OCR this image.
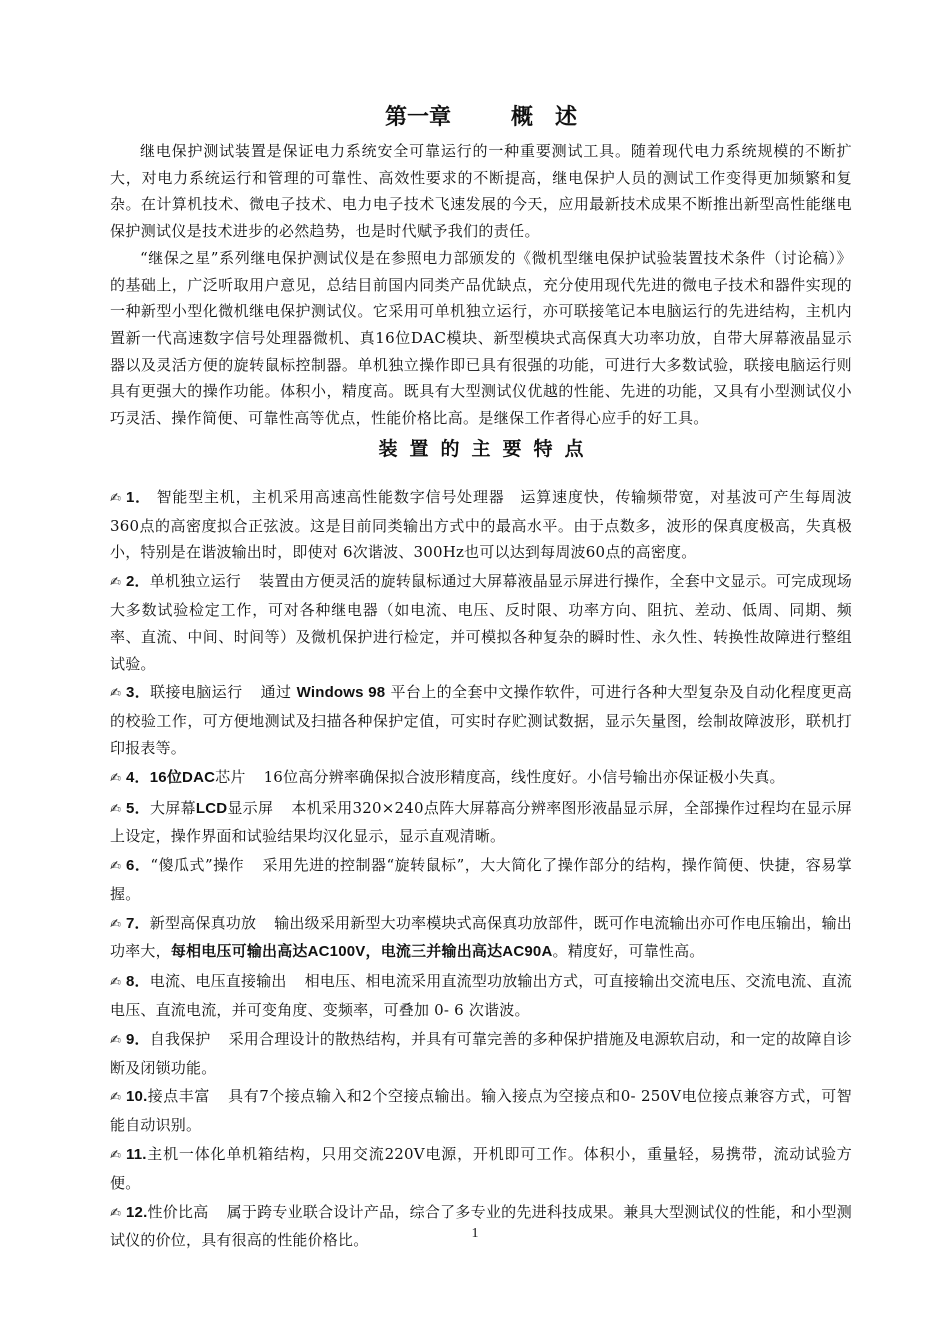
第一章	概 述

继电保护测试装置是保证电力系统安全可靠运行的一种重要测试工具。随着现代电力系统规模的不断扩大，对电力系统运行和管理的可靠性、高效性要求的不断提高，继电保护人员的测试工作变得更加频繁和复杂。在计算机技术、微电子技术、电力电子技术飞速发展的今天，应用最新技术成果不断推出新型高性能继电保护测试仪是技术进步的必然趋势，也是时代赋予我们的责任。

“继保之星”系列继电保护测试仪是在参照电力部颁发的《微机型继电保护试验装置技术条件（讨论稿）》的基础上，广泛听取用户意见，总结目前国内同类产品优缺点，充分使用现代先进的微电子技术和器件实现的一种新型小型化微机继电保护测试仪。它采用可单机独立运行，亦可联接笔记本电脑运行的先进结构，主机内置新一代高速数字信号处理器微机、真16位DAC模块、新型模块式高保真大功率功放，自带大屏幕液晶显示器以及灵活方便的旋转鼠标控制器。单机独立操作即已具有很强的功能，可进行大多数试验，联接电脑运行则具有更强大的操作功能。体积小，精度高。既具有大型测试仪优越的性能、先进的功能，又具有小型测试仪小巧灵活、操作简便、可靠性高等优点，性能价格比高。是继保工作者得心应手的好工具。

装置的主要特点

✍ 1． 智能型主机，主机采用高速高性能数字信号处理器　运算速度快，传输频带宽，对基波可产生每周波360点的高密度拟合正弦波。这是目前同类输出方式中的最高水平。由于点数多，波形的保真度极高，失真极小，特别是在谐波输出时，即使对 6次谐波、300Hz也可以达到每周波60点的高密度。

✍ 2．单机独立运行 装置由方便灵活的旋转鼠标通过大屏幕液晶显示屏进行操作，全套中文显示。可完成现场大多数试验检定工作，可对各种继电器（如电流、电压、反时限、功率方向、阻抗、差动、低周、同期、频率、直流、中间、时间等）及微机保护进行检定，并可模拟各种复杂的瞬时性、永久性、转换性故障进行整组试验。

✍ 3．联接电脑运行 通过 Windows 98 平台上的全套中文操作软件，可进行各种大型复杂及自动化程度更高的校验工作，可方便地测试及扫描各种保护定值，可实时存贮测试数据，显示矢量图，绘制故障波形，联机打印报表等。

✍ 4．16位DAC芯片 16位高分辨率确保拟合波形精度高，线性度好。小信号输出亦保证极小失真。

✍ 5．大屏幕LCD显示屏 本机采用320×240点阵大屏幕高分辨率图形液晶显示屏，全部操作过程均在显示屏上设定，操作界面和试验结果均汉化显示，显示直观清晰。

✍ 6．“傻瓜式”操作 采用先进的控制器“旋转鼠标”，大大简化了操作部分的结构，操作简便、快捷，容易掌握。

✍ 7．新型高保真功放 输出级采用新型大功率模块式高保真功放部件，既可作电流输出亦可作电压输出，输出功率大，每相电压可输出高达AC100V，电流三并输出高达AC90A。精度好，可靠性高。

✍ 8．电流、电压直接输出 相电压、相电流采用直流型功放输出方式，可直接输出交流电压、交流电流、直流电压、直流电流，并可变角度、变频率，可叠加 0- 6 次谐波。

✍ 9．自我保护 采用合理设计的散热结构，并具有可靠完善的多种保护措施及电源软启动，和一定的故障自诊断及闭锁功能。

✍ 10.接点丰富 具有7个接点输入和2个空接点输出。输入接点为空接点和0- 250V电位接点兼容方式，可智能自动识别。

✍ 11.主机一体化单机箱结构，只用交流220V电源，开机即可工作。体积小，重量轻，易携带，流动试验方便。

✍ 12.性价比高 属于跨专业联合设计产品，综合了多专业的先进科技成果。兼具大型测试仪的性能，和小型测试仪的价位，具有很高的性能价格比。	1
